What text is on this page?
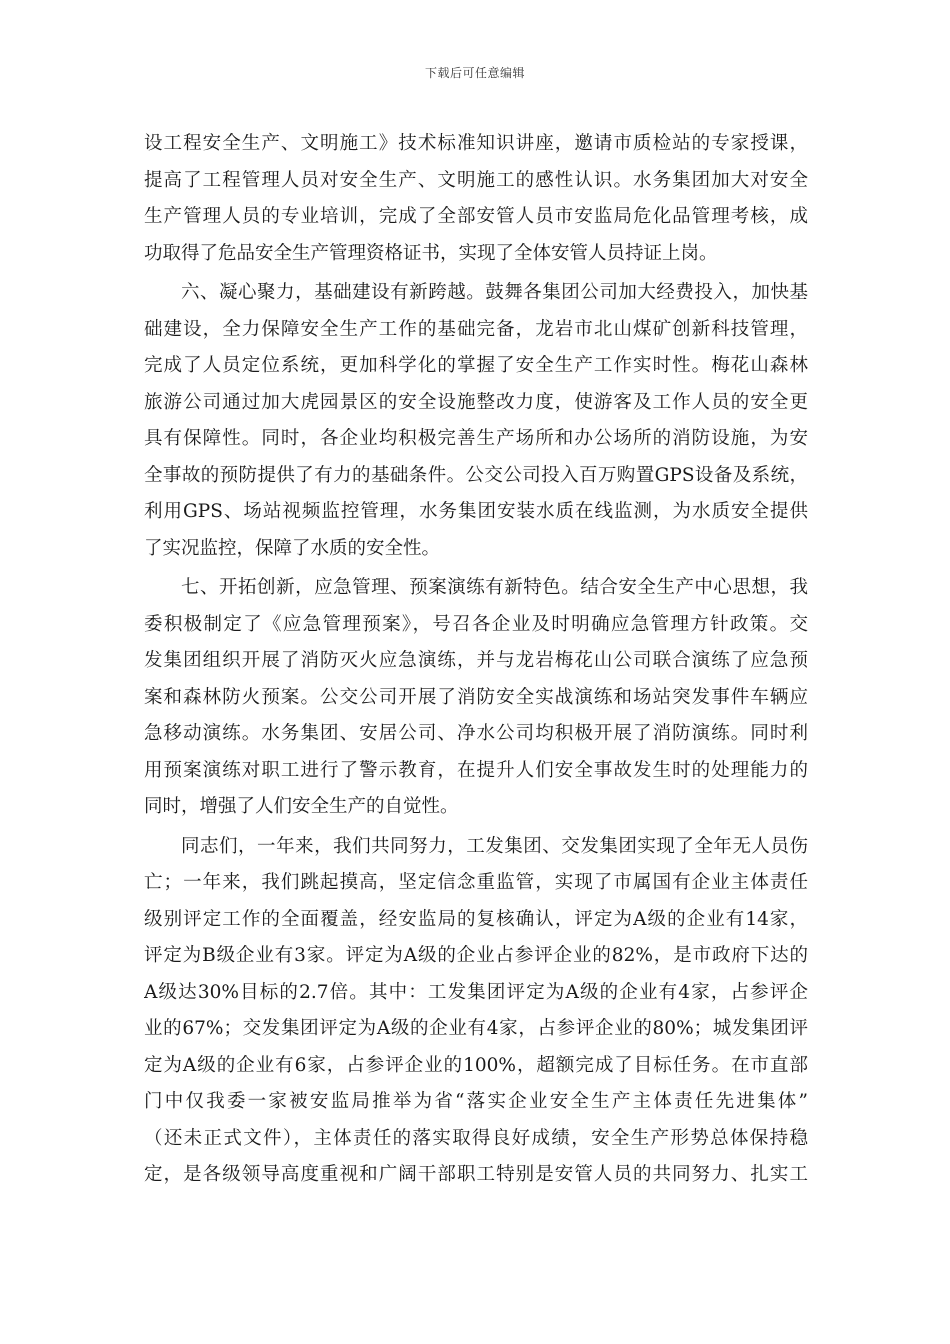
下载后可任意编辑
设工程安全生产、文明施工》技术标准知识讲座，邀请市质检站的专家授课，
提高了工程管理人员对安全生产、文明施工的感性认识。水务集团加大对安全
生产管理人员的专业培训，完成了全部安管人员市安监局危化品管理考核，成
功取得了危品安全生产管理资格证书，实现了全体安管人员持证上岗。
六、凝心聚力，基础建设有新跨越。鼓舞各集团公司加大经费投入，加快基
础建设，全力保障安全生产工作的基础完备，龙岩市北山煤矿创新科技管理，
完成了人员定位系统，更加科学化的掌握了安全生产工作实时性。梅花山森林
旅游公司通过加大虎园景区的安全设施整改力度，使游客及工作人员的安全更
具有保障性。同时，各企业均积极完善生产场所和办公场所的消防设施，为安
全事故的预防提供了有力的基础条件。公交公司投入百万购置GPS设备及系统，
利用GPS、场站视频监控管理，水务集团安装水质在线监测，为水质安全提供
了实况监控，保障了水质的安全性。
七、开拓创新，应急管理、预案演练有新特色。结合安全生产中心思想，我
委积极制定了《应急管理预案》，号召各企业及时明确应急管理方针政策。交
发集团组织开展了消防灭火应急演练，并与龙岩梅花山公司联合演练了应急预
案和森林防火预案。公交公司开展了消防安全实战演练和场站突发事件车辆应
急移动演练。水务集团、安居公司、净水公司均积极开展了消防演练。同时利
用预案演练对职工进行了警示教育，在提升人们安全事故发生时的处理能力的
同时，增强了人们安全生产的自觉性。
同志们，一年来，我们共同努力，工发集团、交发集团实现了全年无人员伤
亡；一年来，我们跳起摸高，坚定信念重监管，实现了市属国有企业主体责任
级别评定工作的全面覆盖，经安监局的复核确认，评定为A级的企业有14家，
评定为B级企业有3家。评定为A级的企业占参评企业的82%，是市政府下达的
A级达30%目标的2.7倍。其中：工发集团评定为A级的企业有4家，占参评企
业的67%；交发集团评定为A级的企业有4家，占参评企业的80%；城发集团评
定为A级的企业有6家，占参评企业的100%，超额完成了目标任务。在市直部
门中仅我委一家被安监局推举为省“落实企业安全生产主体责任先进集体”
（还未正式文件），主体责任的落实取得良好成绩，安全生产形势总体保持稳
定，是各级领导高度重视和广阔干部职工特别是安管人员的共同努力、扎实工
